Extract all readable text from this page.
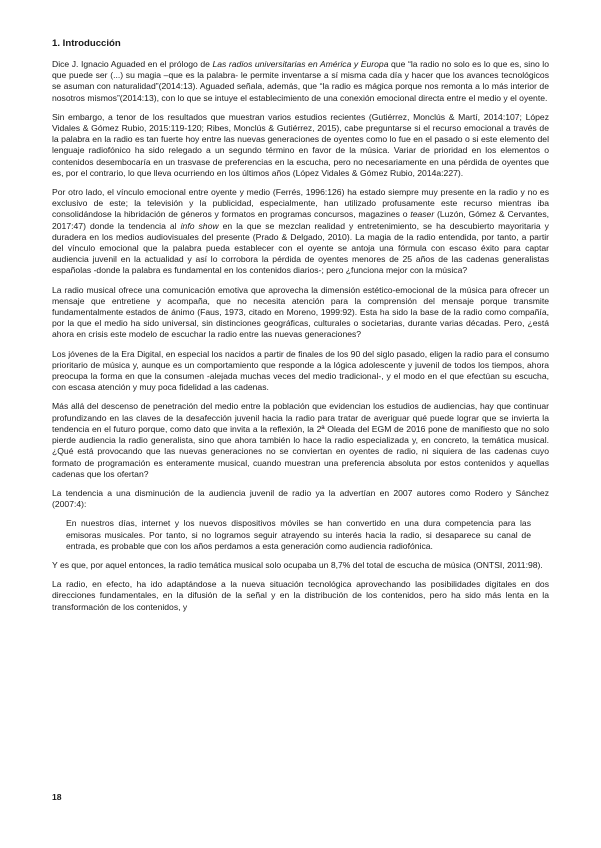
1. Introducción

Dice J. Ignacio Aguaded en el prólogo de Las radios universitarias en América y Europa que “la radio no solo es lo que es, sino lo que puede ser (...) su magia –que es la palabra- le permite inventarse a sí misma cada día y hacer que los avances tecnológicos se asuman con naturalidad”(2014:13). Aguaded señala, además, que “la radio es mágica porque nos remonta a lo más interior de nosotros mismos”(2014:13), con lo que se intuye el establecimiento de una conexión emocional directa entre el medio y el oyente.

Sin embargo, a tenor de los resultados que muestran varios estudios recientes (Gutiérrez, Monclús & Martí, 2014:107; López Vidales & Gómez Rubio, 2015:119-120; Ribes, Monclús & Gutiérrez, 2015), cabe preguntarse si el recurso emocional a través de la palabra en la radio es tan fuerte hoy entre las nuevas generaciones de oyentes como lo fue en el pasado o si este elemento del lenguaje radiofónico ha sido relegado a un segundo término en favor de la música. Variar de prioridad en los elementos o contenidos desembocaría en un trasvase de preferencias en la escucha, pero no necesariamente en una pérdida de oyentes que es, por el contrario, lo que lleva ocurriendo en los últimos años (López Vidales & Gómez Rubio, 2014a:227).

Por otro lado, el vínculo emocional entre oyente y medio (Ferrés, 1996:126) ha estado siempre muy presente en la radio y no es exclusivo de este; la televisión y la publicidad, especialmente, han utilizado profusamente este recurso mientras iba consolidándose la hibridación de géneros y formatos en programas concursos, magazines o teaser (Luzón, Gómez & Cervantes, 2017:47) donde la tendencia al info show en la que se mezclan realidad y entretenimiento, se ha descubierto mayoritaria y duradera en los medios audiovisuales del presente (Prado & Delgado, 2010). La magia de la radio entendida, por tanto, a partir del vínculo emocional que la palabra pueda establecer con el oyente se antoja una fórmula con escaso éxito para captar audiencia juvenil en la actualidad y así lo corrobora la pérdida de oyentes menores de 25 años de las cadenas generalistas españolas -donde la palabra es fundamental en los contenidos diarios-; pero ¿funciona mejor con la música?

La radio musical ofrece una comunicación emotiva que aprovecha la dimensión estético-emocional de la música para ofrecer un mensaje que entretiene y acompaña, que no necesita atención para la comprensión del mensaje porque transmite fundamentalmente estados de ánimo (Faus, 1973, citado en Moreno, 1999:92). Esta ha sido la base de la radio como compañía, por la que el medio ha sido universal, sin distinciones geográficas, culturales o societarias, durante varias décadas. Pero, ¿está ahora en crisis este modelo de escuchar la radio entre las nuevas generaciones?

Los jóvenes de la Era Digital, en especial los nacidos a partir de finales de los 90 del siglo pasado, eligen la radio para el consumo prioritario de música y, aunque es un comportamiento que responde a la lógica adolescente y juvenil de todos los tiempos, ahora preocupa la forma en que la consumen -alejada muchas veces del medio tradicional-, y el modo en el que efectúan su escucha, con escasa atención y muy poca fidelidad a las cadenas.

Más allá del descenso de penetración del medio entre la población que evidencian los estudios de audiencias, hay que continuar profundizando en las claves de la desafección juvenil hacia la radio para tratar de averiguar qué puede lograr que se invierta la tendencia en el futuro porque, como dato que invita a la reflexión, la 2ª Oleada del EGM de 2016 pone de manifiesto que no solo pierde audiencia la radio generalista, sino que ahora también lo hace la radio especializada y, en concreto, la temática musical. ¿Qué está provocando que las nuevas generaciones no se conviertan en oyentes de radio, ni siquiera de las cadenas cuyo formato de programación es enteramente musical, cuando muestran una preferencia absoluta por estos contenidos y aquellas cadenas que los ofertan?

La tendencia a una disminución de la audiencia juvenil de radio ya la advertían en 2007 autores como Rodero y Sánchez (2007:4):

En nuestros días, internet y los nuevos dispositivos móviles se han convertido en una dura competencia para las emisoras musicales. Por tanto, si no logramos seguir atrayendo su interés hacia la radio, si desaparece su canal de entrada, es probable que con los años perdamos a esta generación como audiencia radiofónica.

Y es que, por aquel entonces, la radio temática musical solo ocupaba un 8,7% del total de escucha de música (ONTSI, 2011:98).

La radio, en efecto, ha ido adaptándose a la nueva situación tecnológica aprovechando las posibilidades digitales en dos direcciones fundamentales, en la difusión de la señal y en la distribución de los contenidos, pero ha sido más lenta en la transformación de los contenidos, y

18
